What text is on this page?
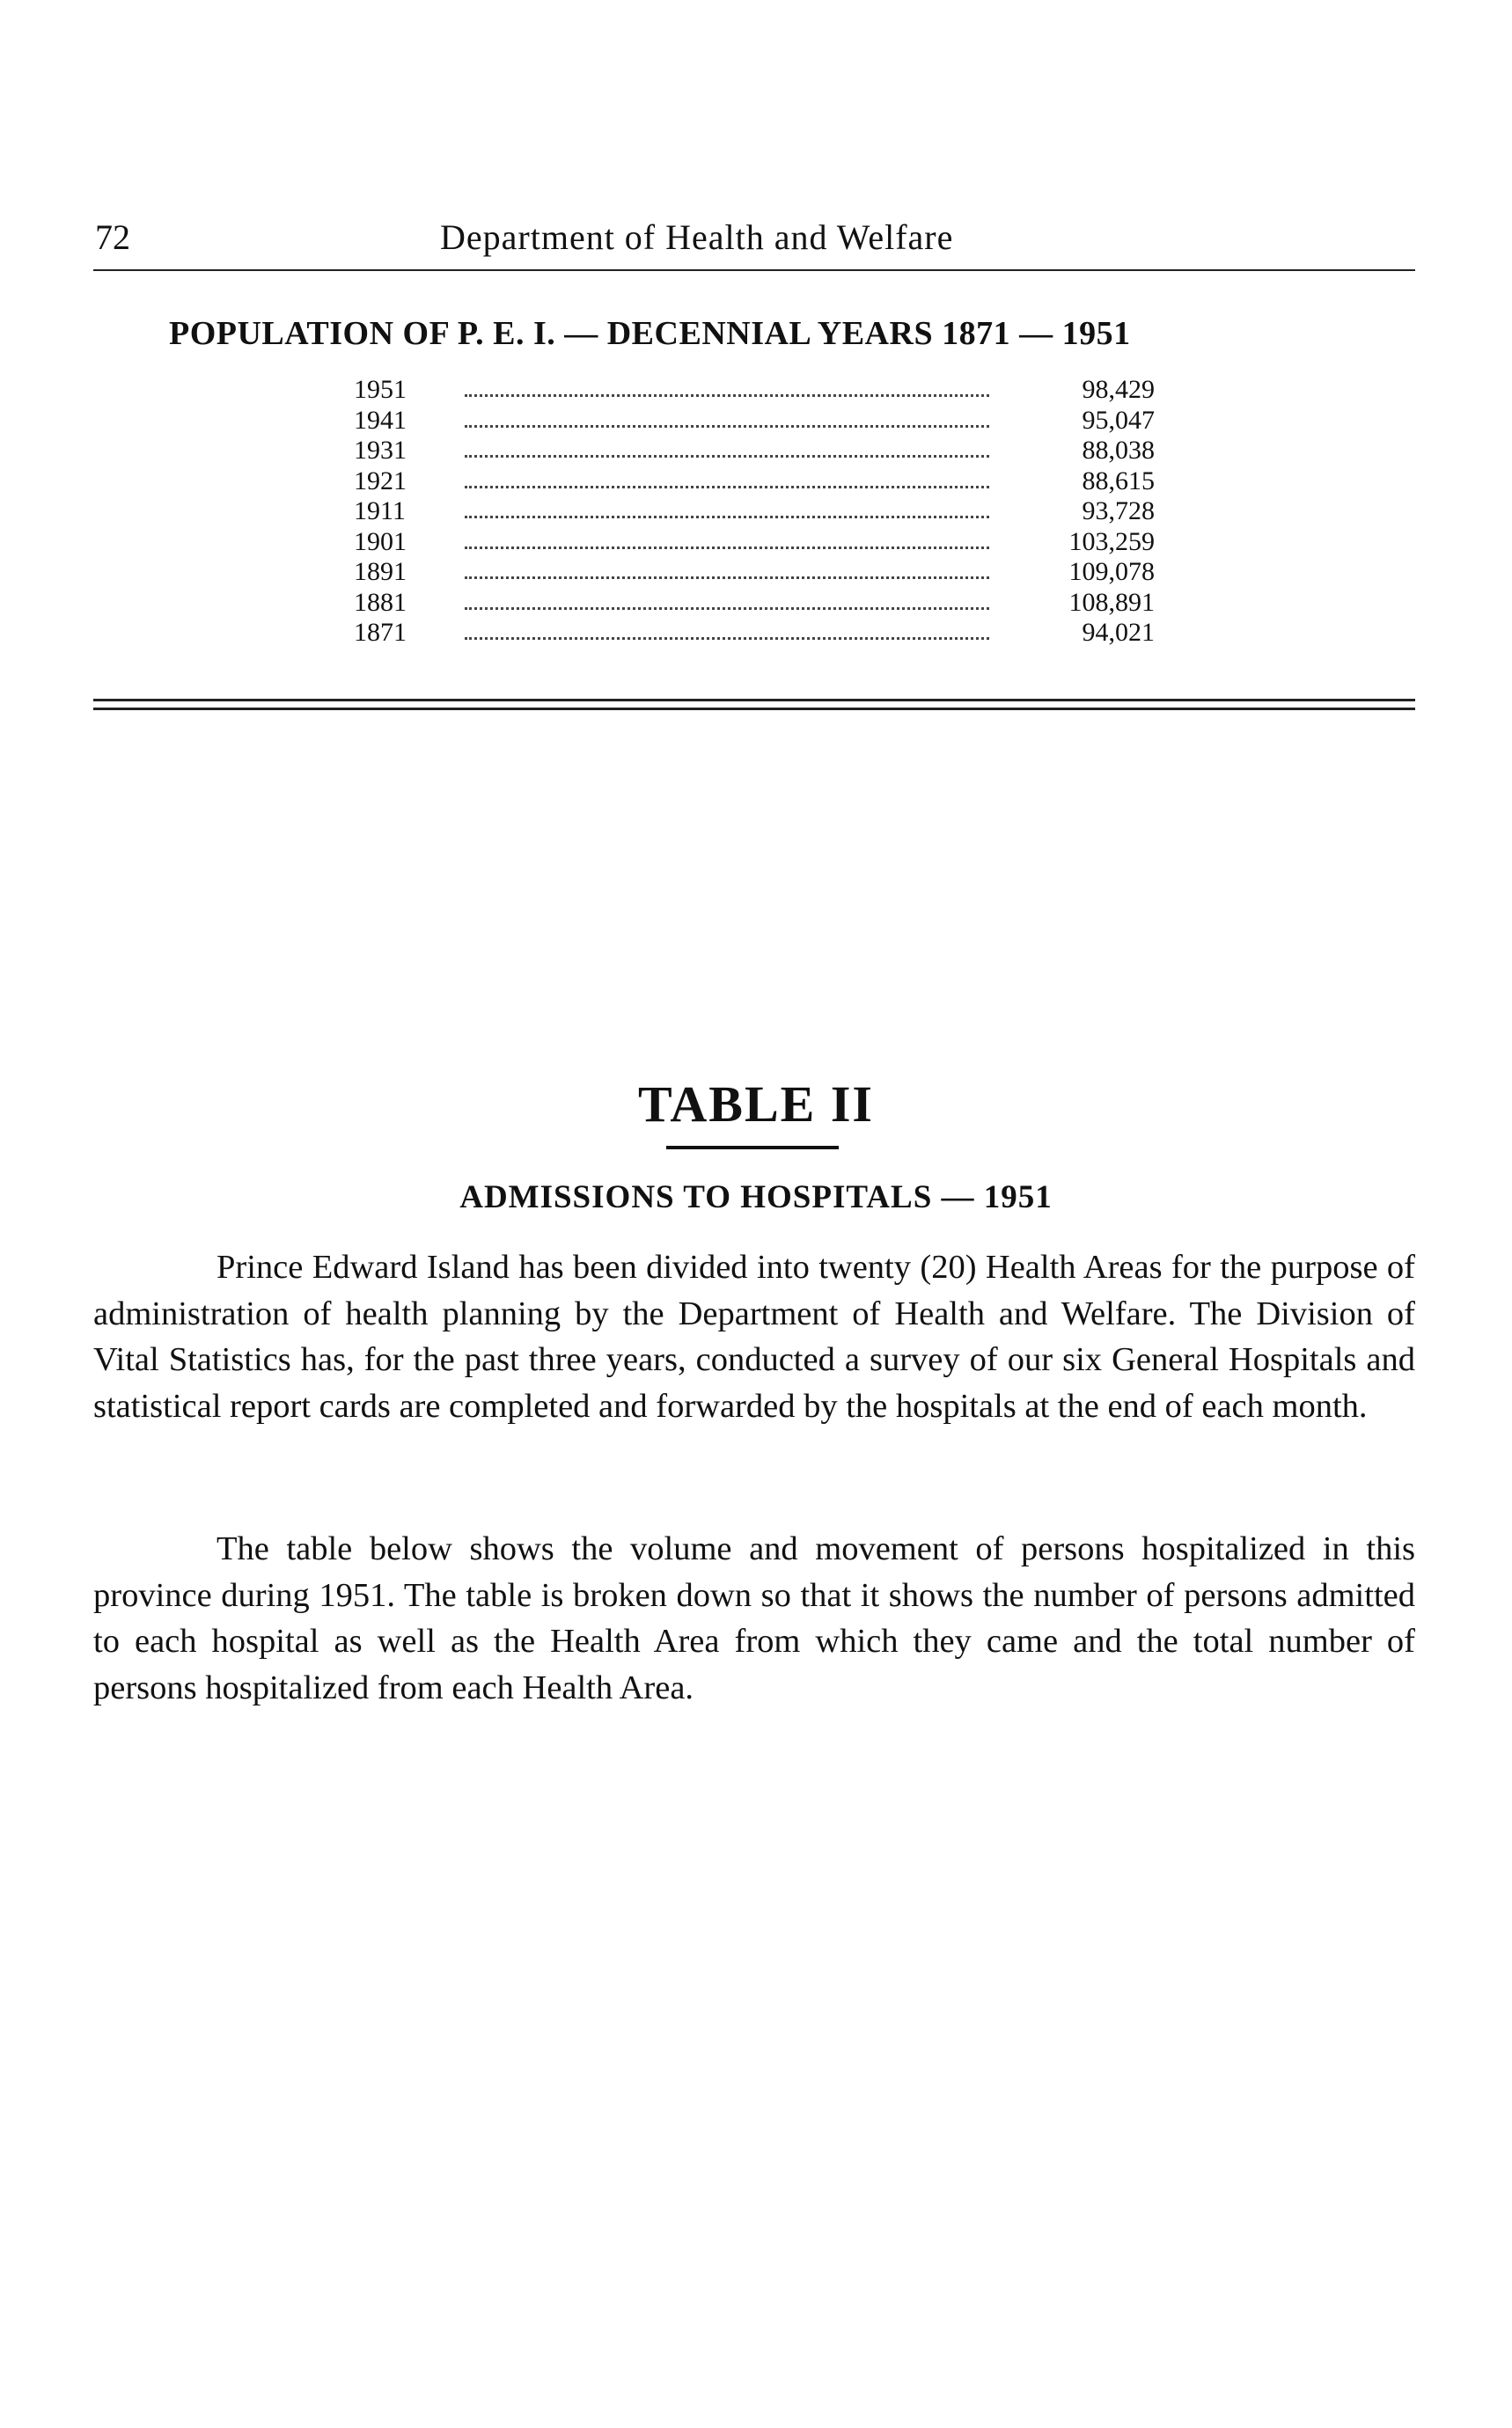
72	Department of Health and Welfare
POPULATION OF P. E. I. — DECENNIAL YEARS 1871 — 1951
1951	98,429
1941	95,047
1931	88,038
1921	88,615
1911	93,728
1901	103,259
1891	109,078
1881	108,891
1871	94,021
TABLE II
ADMISSIONS TO HOSPITALS — 1951

Prince Edward Island has been divided into twenty (20) Health Areas for the purpose of administration of health planning by the Department of Health and Welfare. The Division of Vital Statistics has, for the past three years, conducted a survey of our six General Hospitals and statistical report cards are completed and forwarded by the hospitals at the end of each month.

The table below shows the volume and movement of persons hospitalized in this province during 1951. The table is broken down so that it shows the number of persons admitted to each hospital as well as the Health Area from which they came and the total number of persons hospitalized from each Health Area.
